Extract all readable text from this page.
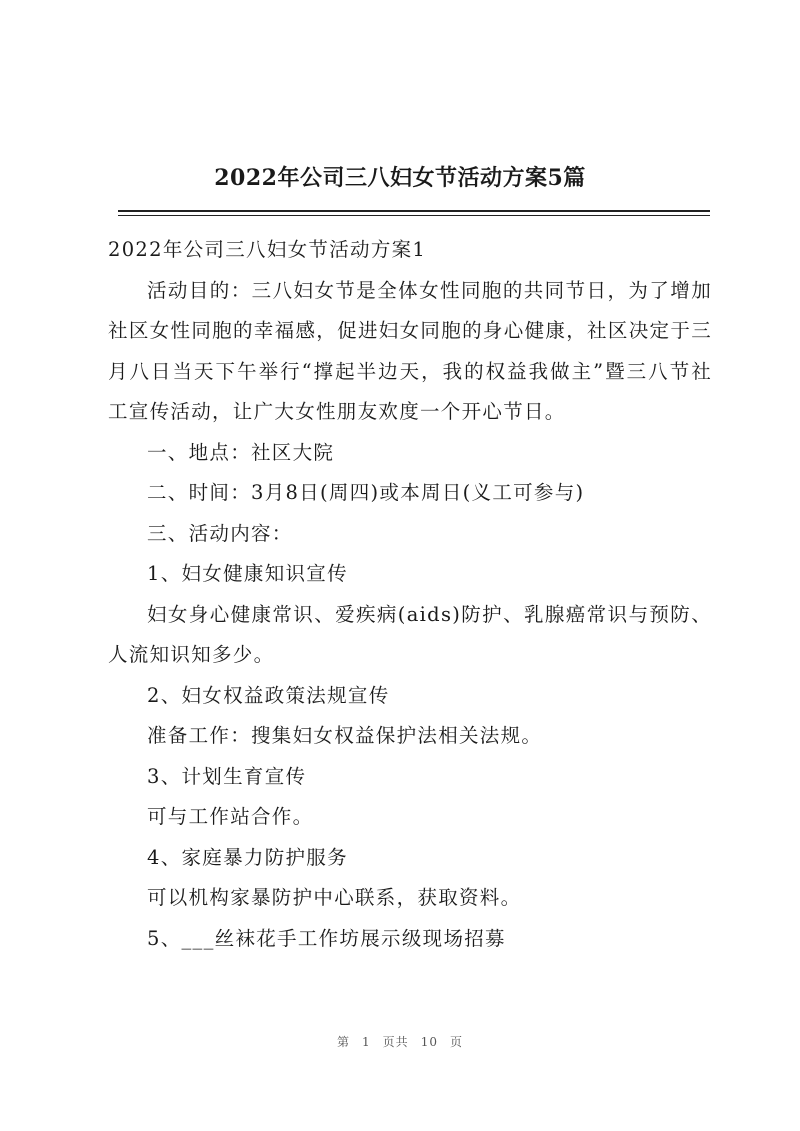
2022年公司三八妇女节活动方案5篇

2022年公司三八妇女节活动方案1

活动目的：三八妇女节是全体女性同胞的共同节日，为了增加社区女性同胞的幸福感，促进妇女同胞的身心健康，社区决定于三月八日当天下午举行“撑起半边天，我的权益我做主”暨三八节社工宣传活动，让广大女性朋友欢度一个开心节日。

一、地点：社区大院

二、时间：3月8日(周四)或本周日(义工可参与)

三、活动内容：

1、妇女健康知识宣传

妇女身心健康常识、爱疾病(aids)防护、乳腺癌常识与预防、人流知识知多少。

2、妇女权益政策法规宣传

准备工作：搜集妇女权益保护法相关法规。

3、计划生育宣传

可与工作站合作。

4、家庭暴力防护服务

可以机构家暴防护中心联系，获取资料。

5、___丝袜花手工作坊展示级现场招募

第 1 页共 10 页
